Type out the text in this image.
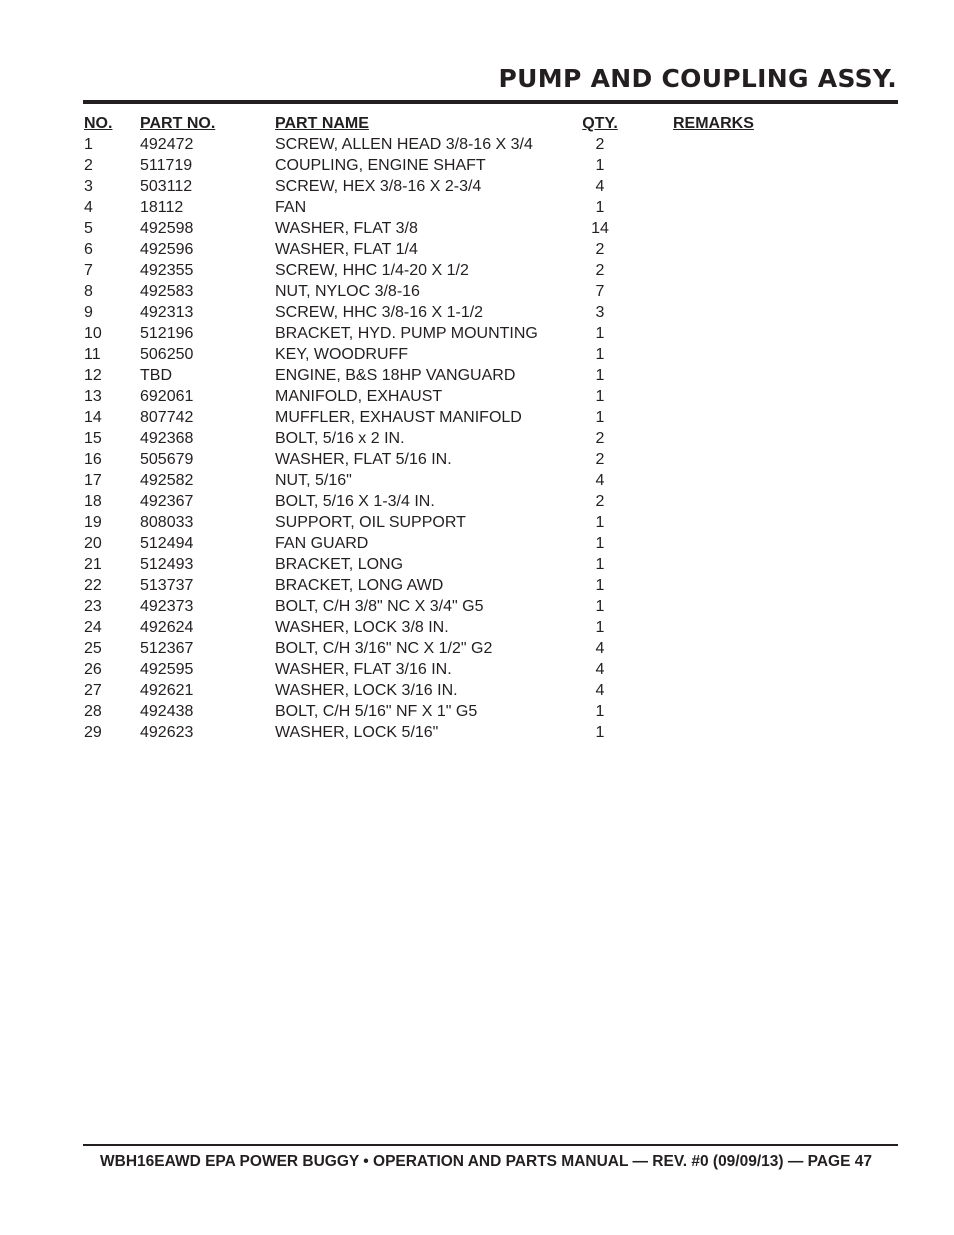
PUMP AND COUPLING ASSY.
NO. PART NO.	PART NAME	QTY.	REMARKS
1	492472	SCREW, ALLEN HEAD 3/8-16 X 3/4	2
2	511719	COUPLING, ENGINE SHAFT	1
3	503112	SCREW, HEX 3/8-16 X 2-3/4	4
4	18112	FAN	1
5	492598	WASHER, FLAT 3/8	14
6	492596	WASHER, FLAT 1/4	2
7	492355	SCREW, HHC 1/4-20 X 1/2	2
8	492583	NUT, NYLOC 3/8-16	7
9	492313	SCREW, HHC 3/8-16 X 1-1/2	3
10 512196	BRACKET, HYD. PUMP MOUNTING	1
11 506250	KEY, WOODRUFF	1
12 TBD	ENGINE, B&S 18HP VANGUARD	1
13 692061	MANIFOLD, EXHAUST	1
14 807742	MUFFLER, EXHAUST MANIFOLD	1
15 492368	BOLT, 5/16 x 2 IN.	2
16 505679	WASHER, FLAT 5/16 IN.	2
17 492582	NUT, 5/16"	4
18 492367	BOLT, 5/16 X 1-3/4 IN.	2
19 808033	SUPPORT, OIL SUPPORT	1
20 512494	FAN GUARD	1
21 512493	BRACKET, LONG	1
22 513737	BRACKET, LONG AWD	1
23 492373	BOLT, C/H 3/8" NC X 3/4" G5	1
24 492624	WASHER, LOCK 3/8 IN.	1
25 512367	BOLT, C/H 3/16" NC X 1/2" G2	4
26 492595	WASHER, FLAT 3/16 IN.	4
27 492621	WASHER, LOCK 3/16 IN.	4
28 492438	BOLT, C/H 5/16" NF X 1" G5	1
29 492623	WASHER, LOCK 5/16"	1
WBH16EAWD EPA POWER BUGGY • OPERATION AND PARTS MANUAL — REV. #0 (09/09/13) — PAGE 47
